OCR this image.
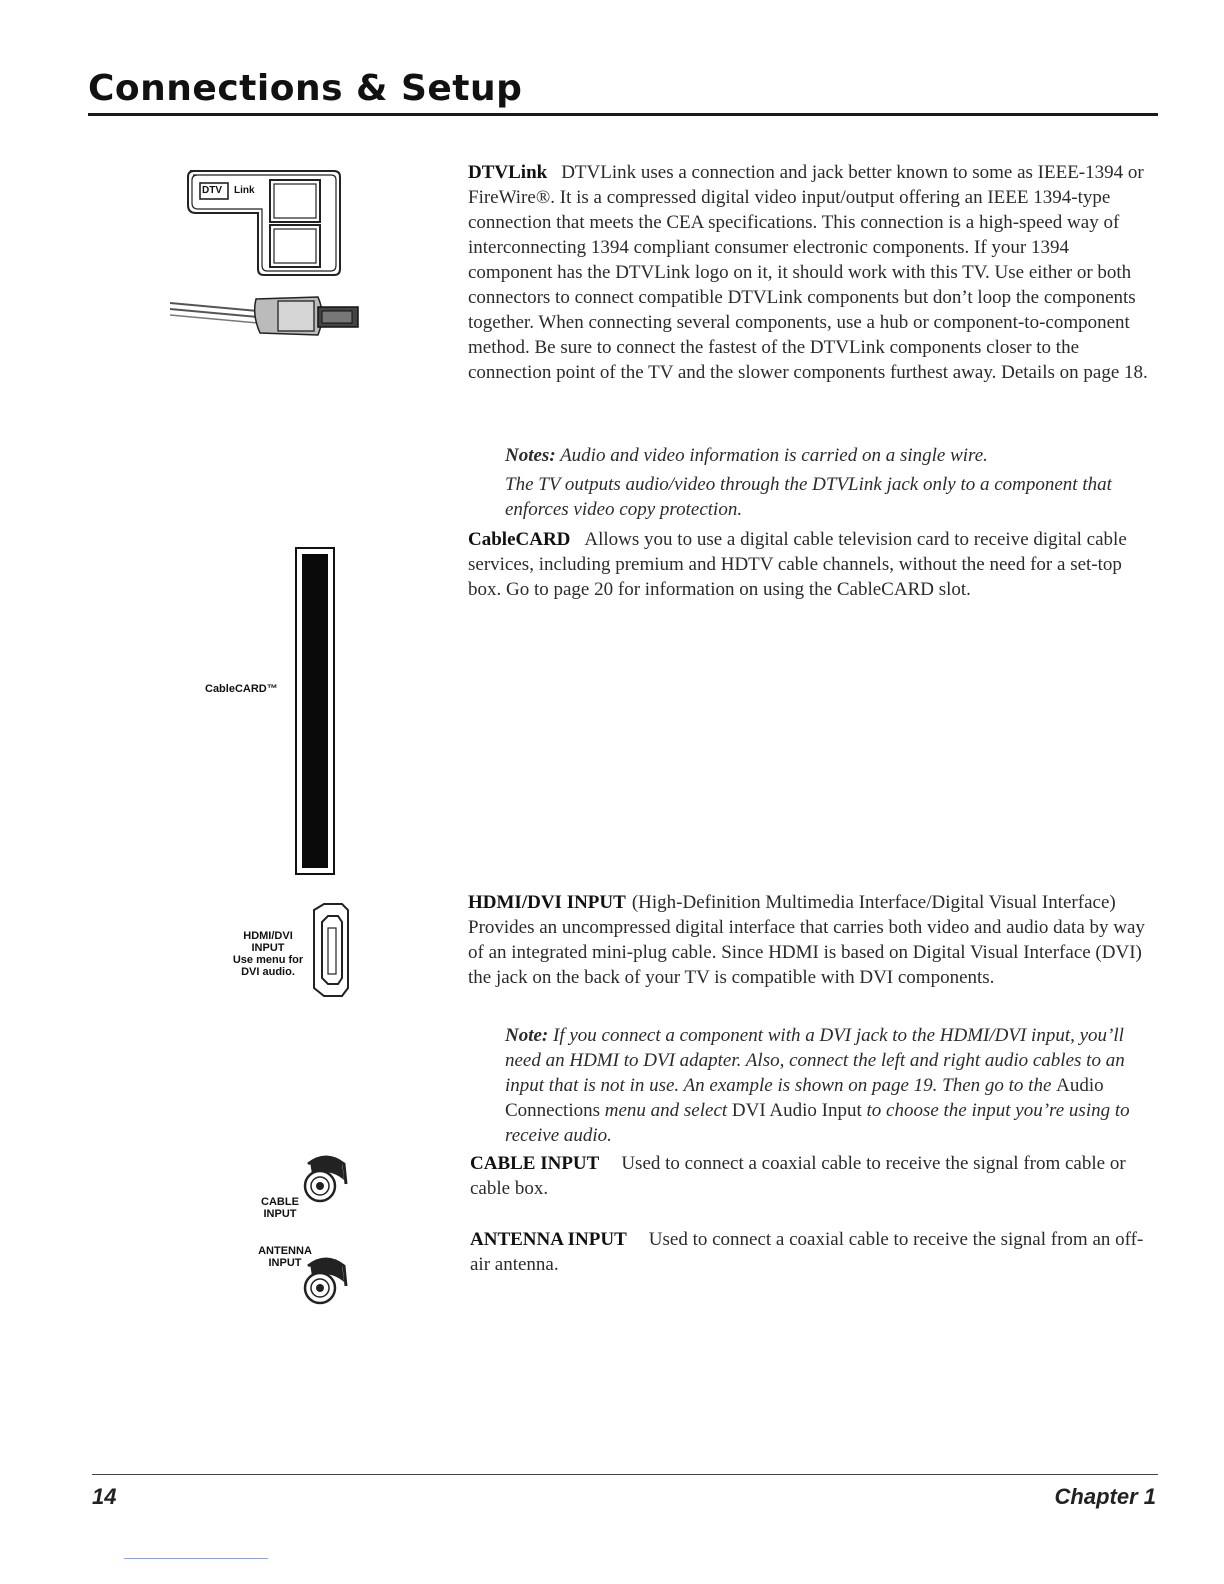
Connections & Setup
DTV Link
CableCARD™
HDMI/DVI
INPUT
Use menu for
DVI audio.
CABLE
INPUT
ANTENNA
INPUT
DTVLink DTVLink uses a connection and jack better known to some as IEEE-1394 or FireWire®. It is a compressed digital video input/output offering an IEEE 1394-type connection that meets the CEA specifications. This connection is a high-speed way of interconnecting 1394 compliant consumer electronic components. If your 1394 component has the DTVLink logo on it, it should work with this TV. Use either or both connectors to connect compatible DTVLink components but don’t loop the components together. When connecting several components, use a hub or component-to-component method. Be sure to connect the fastest of the DTVLink components closer to the connection point of the TV and the slower components furthest away. Details on page 18.
Notes: Audio and video information is carried on a single wire.
The TV outputs audio/video through the DTVLink jack only to a component that enforces video copy protection.
CableCARD Allows you to use a digital cable television card to receive digital cable services, including premium and HDTV cable channels, without the need for a set-top box. Go to page 20 for information on using the CableCARD slot.
HDMI/DVI INPUT (High-Definition Multimedia Interface/Digital Visual Interface) Provides an uncompressed digital interface that carries both video and audio data by way of an integrated mini-plug cable. Since HDMI is based on Digital Visual Interface (DVI) the jack on the back of your TV is compatible with DVI components.
Note: If you connect a component with a DVI jack to the HDMI/DVI input, you’ll need an HDMI to DVI adapter. Also, connect the left and right audio cables to an input that is not in use. An example is shown on page 19. Then go to the Audio Connections menu and select DVI Audio Input to choose the input you’re using to receive audio.
CABLE INPUT Used to connect a coaxial cable to receive the signal from cable or cable box.
ANTENNA INPUT Used to connect a coaxial cable to receive the signal from an off-air antenna.
14	Chapter 1
